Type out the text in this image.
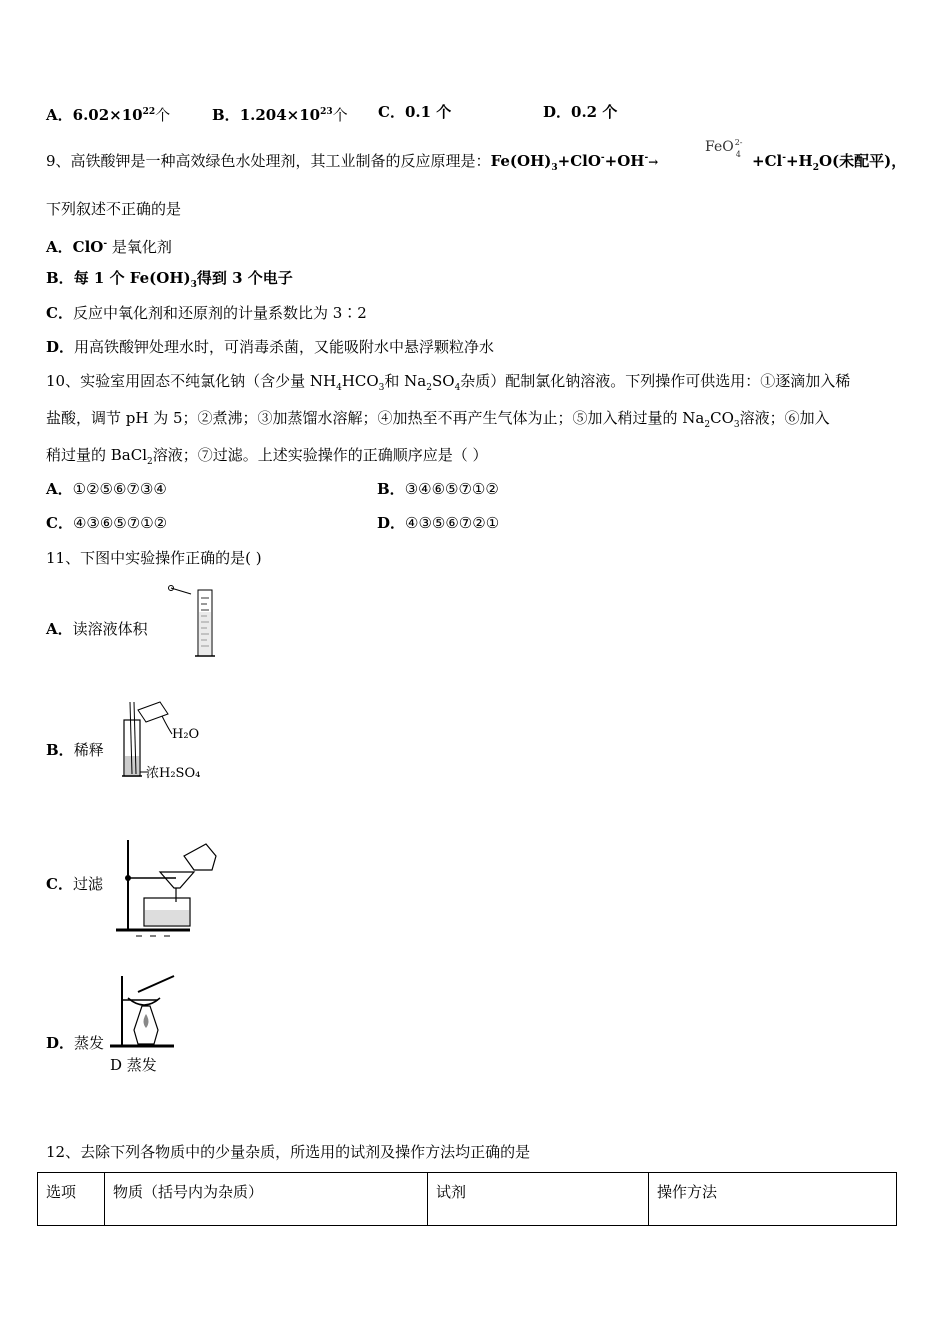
A．$6.02\times 10^{22}$个	B．$1.204\times 10^{23}$个 C．0.1 个	D．0.2 个
9、高铁酸钾是一种高效绿色水处理剂，其工业制备的反应原理是：$Fe(OH)_3+ClO^-+OH^-\to$
FeO 2-
$4 +Cl^-+H_2O$(未配平)，
下列叙述不正确的是
A．ClO- 是氧化剂
B．每 1 个 $Fe(OH)_3$得到 3 个电子
C．反应中氧化剂和还原剂的计量系数比为 3∶2
D．用高铁酸钾处理水时，可消毒杀菌，又能吸附水中悬浮颗粒净水
10、实验室用固态不纯氯化钠（含少量 $NH_4HCO_3$和 $Na_2SO_4$杂质）配制氯化钠溶液。下列操作可供选用：①逐滴加入稀
盐酸，调节 pH 为 5；②煮沸；③加蒸馏水溶解；④加热至不再产生气体为止；⑤加入稍过量的 $Na_2CO_3$溶液；⑥加入
稍过量的 BaCl$_2$溶液；⑦过滤。上述实验操作的正确顺序应是（ ）
A．①②⑤⑥⑦③④	B．③④⑥⑤⑦①②
C．④③⑥⑤⑦①②	D．④③⑤⑥⑦②①
11、下图中实验操作正确的是( )
A．读溶液体积
B．稀释
H₂O
浓H₂SO₄
C．过滤
D．蒸发
D 蒸发
12、去除下列各物质中的少量杂质，所选用的试剂及操作方法均正确的是
选项	物质（括号内为杂质）	试剂	操作方法
